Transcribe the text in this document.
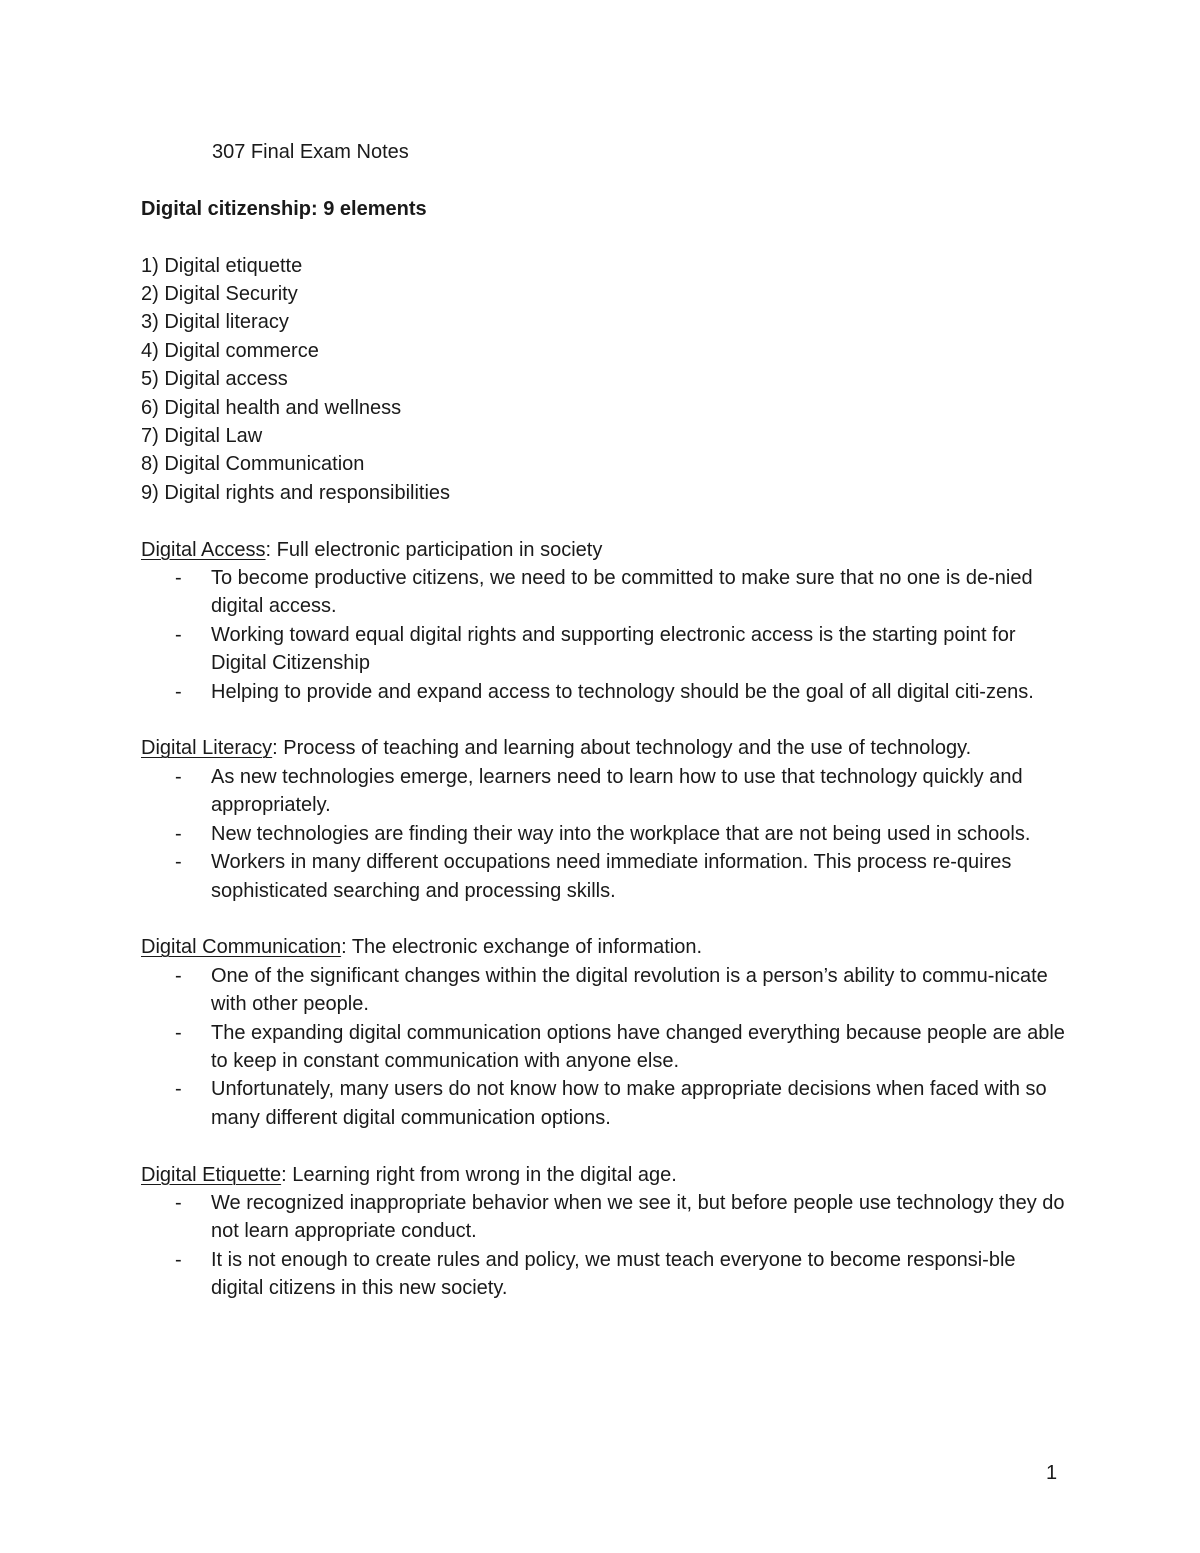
307 Final Exam Notes

Digital citizenship: 9 elements

1) Digital etiquette
2) Digital Security
3) Digital literacy
4) Digital commerce
5) Digital access
6) Digital health and wellness
7) Digital Law
8) Digital Communication
9) Digital rights and responsibilities

Digital Access: Full electronic participation in society

- To become productive citizens, we need to be committed to make sure that no one is de-nied digital access.
- Working toward equal digital rights and supporting electronic access is the starting point for Digital Citizenship
- Helping to provide and expand access to technology should be the goal of all digital citi-zens.

Digital Literacy: Process of teaching and learning about technology and the use of technology.

- As new technologies emerge, learners need to learn how to use that technology quickly and appropriately.
- New technologies are finding their way into the workplace that are not being used in schools.
- Workers in many different occupations need immediate information. This process re-quires sophisticated searching and processing skills.

Digital Communication: The electronic exchange of information.

- One of the significant changes within the digital revolution is a person’s ability to commu-nicate with other people.
- The expanding digital communication options have changed everything because people are able to keep in constant communication with anyone else.
- Unfortunately, many users do not know how to make appropriate decisions when faced with so many different digital communication options.

Digital Etiquette: Learning right from wrong in the digital age.

- We recognized inappropriate behavior when we see it, but before people use technology they do not learn appropriate conduct.
- It is not enough to create rules and policy, we must teach everyone to become responsi-ble digital citizens in this new society.
1
